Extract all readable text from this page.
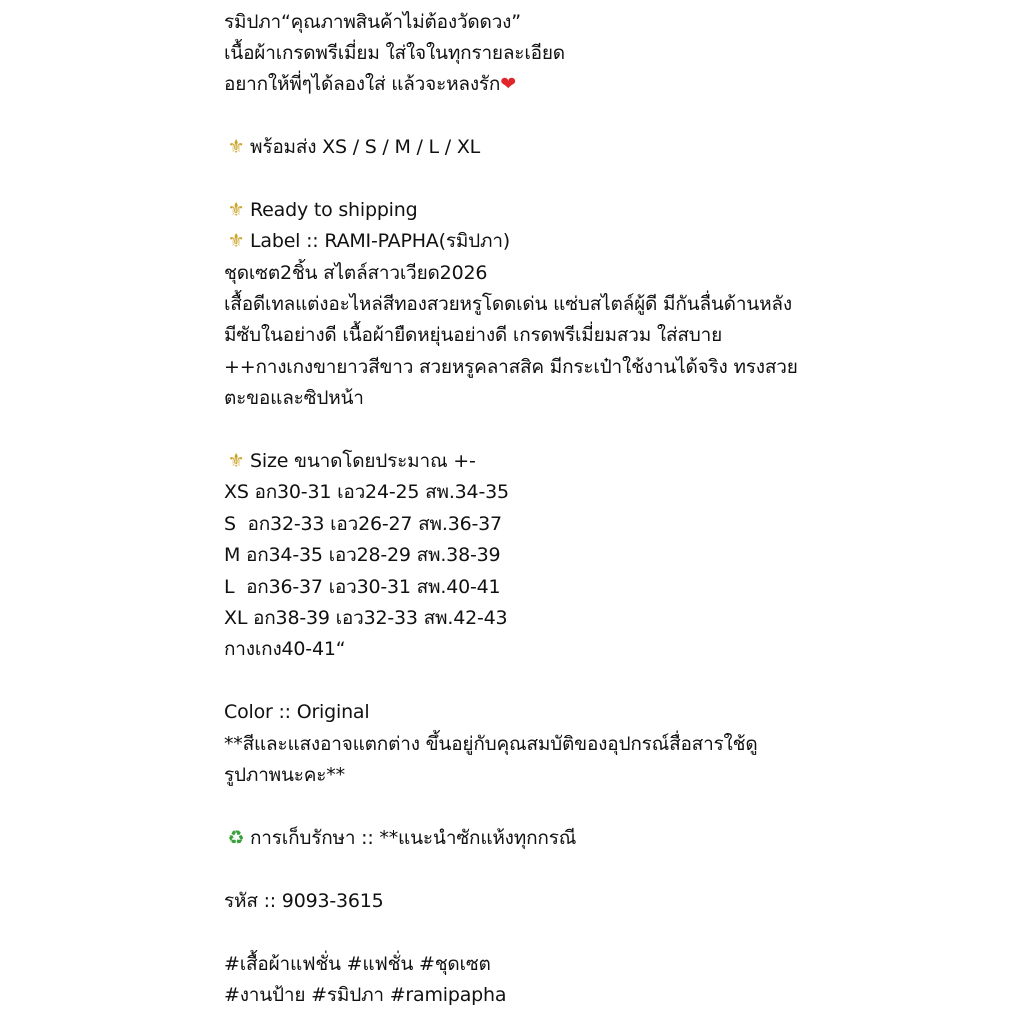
รมิปภา“คุณภาพสินค้าไม่ต้องวัดดวง”
เนื้อผ้าเกรดพรีเมี่ยม ใส่ใจในทุกรายละเอียด
อยากให้พี่ๆได้ลองใส่ แล้วจะหลงรัก❤
⚜ พร้อมส่ง XS / S / M / L / XL
⚜ Ready to shipping
⚜ Label :: RAMI-PAPHA(รมิปภา)
ชุดเซต2ชิ้น สไตล์สาวเวียด2026
เสื้อดีเทลแต่งอะไหล่สีทองสวยหรูโดดเด่น แซ่บสไตล์ผู้ดี มีกันลื่นด้านหลัง
มีซับในอย่างดี เนื้อผ้ายืดหยุ่นอย่างดี เกรดพรีเมี่ยมสวม ใส่สบาย
++กางเกงขายาวสีขาว สวยหรูคลาสสิค มีกระเป๋าใช้งานได้จริง ทรงสวย
ตะขอและซิปหน้า
⚜ Size ขนาดโดยประมาณ +-
XS อก30-31 เอว24-25 สพ.34-35
S  อก32-33 เอว26-27 สพ.36-37
M อก34-35 เอว28-29 สพ.38-39
L  อก36-37 เอว30-31 สพ.40-41
XL อก38-39 เอว32-33 สพ.42-43
กางเกง40-41“
Color :: Original
**สีและแสงอาจแตกต่าง ขึ้นอยู่กับคุณสมบัติของอุปกรณ์สื่อสารใช้ดู
รูปภาพนะคะ**
♻ การเก็บรักษา :: **แนะนำซักแห้งทุกกรณี
รหัส :: 9093-3615
#เสื้อผ้าแฟชั่น #แฟชั่น #ชุดเซต
#งานป้าย #รมิปภา #ramipapha
